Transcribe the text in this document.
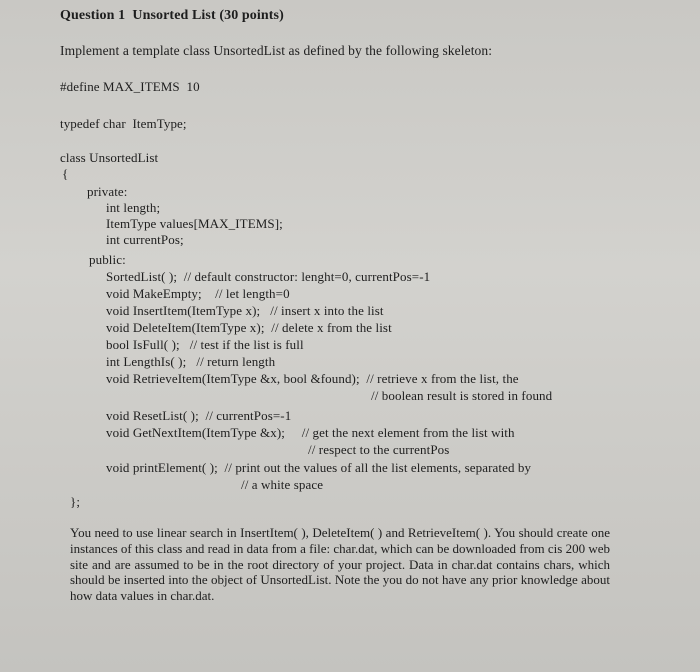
Question 1  Unsorted List (30 points)
Implement a template class UnsortedList as defined by the following skeleton:
#define MAX_ITEMS  10
typedef char  ItemType;
class UnsortedList
{
private:
int length;
ItemType values[MAX_ITEMS];
int currentPos;
public:
SortedList( );  // default constructor: lenght=0, currentPos=-1
void MakeEmpty;    // let length=0
void InsertItem(ItemType x);   // insert x into the list
void DeleteItem(ItemType x);  // delete x from the list
bool IsFull( );   // test if the list is full
int LengthIs( );   // return length
void RetrieveItem(ItemType &x, bool &found);  // retrieve x from the list, the
// boolean result is stored in found
void ResetList( );  // currentPos=-1
void GetNextItem(ItemType &x);     // get the next element from the list with
// respect to the currentPos
void printElement( );  // print out the values of all the list elements, separated by
// a white space
};
You need to use linear search in InsertItem( ), DeleteItem( ) and RetrieveItem( ). You should create one instances of this class and read in data from a file: char.dat, which can be downloaded from cis 200 web site and are assumed to be in the root directory of your project. Data in char.dat contains chars, which should be inserted into the object of UnsortedList. Note the you do not have any prior knowledge about how data values in char.dat.
